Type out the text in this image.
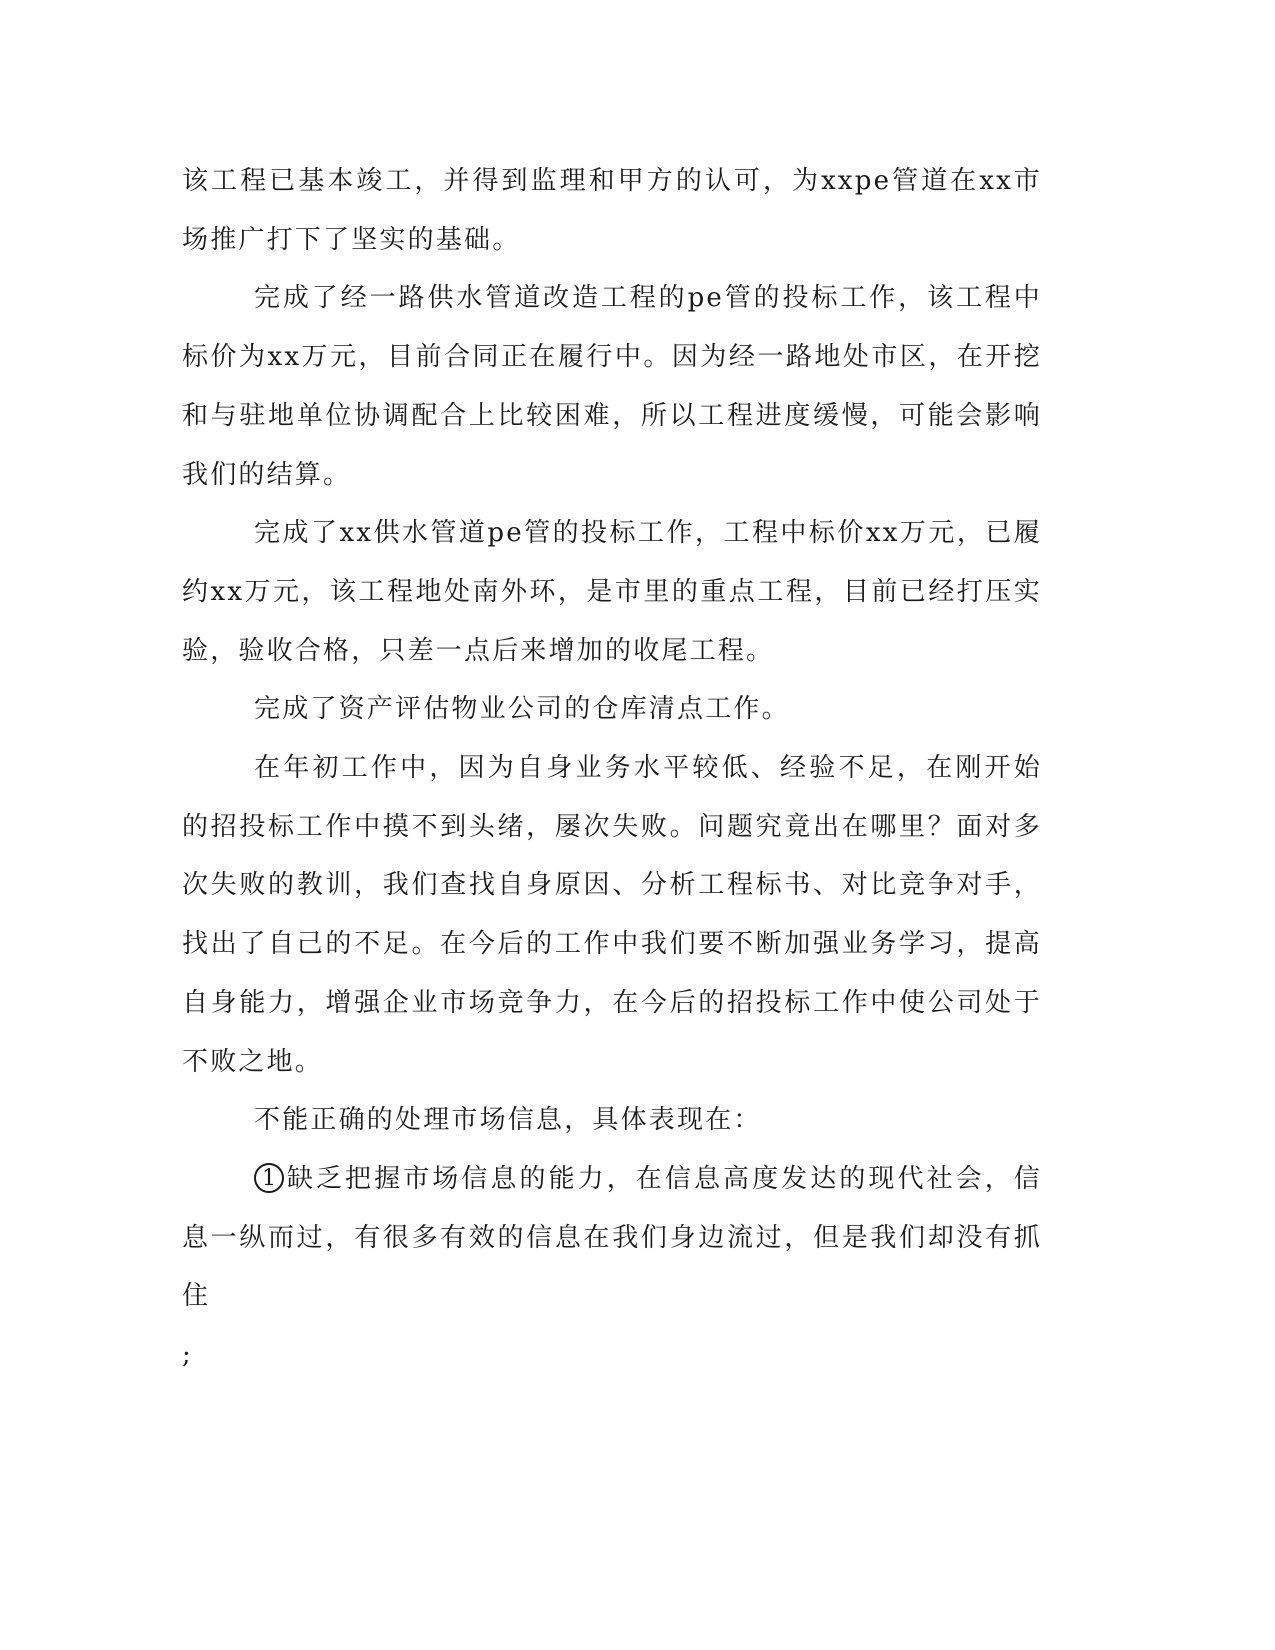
该工程已基本竣工，并得到监理和甲方的认可，为xxpe管道在xx市场推广打下了坚实的基础。

完成了经一路供水管道改造工程的pe管的投标工作，该工程中标价为xx万元，目前合同正在履行中。因为经一路地处市区，在开挖和与驻地单位协调配合上比较困难，所以工程进度缓慢，可能会影响我们的结算。

完成了xx供水管道pe管的投标工作，工程中标价xx万元，已履约xx万元，该工程地处南外环，是市里的重点工程，目前已经打压实验，验收合格，只差一点后来增加的收尾工程。

完成了资产评估物业公司的仓库清点工作。

在年初工作中，因为自身业务水平较低、经验不足，在刚开始的招投标工作中摸不到头绪，屡次失败。问题究竟出在哪里？面对多次失败的教训，我们查找自身原因、分析工程标书、对比竞争对手，找出了自己的不足。在今后的工作中我们要不断加强业务学习，提高自身能力，增强企业市场竞争力，在今后的招投标工作中使公司处于不败之地。

不能正确的处理市场信息，具体表现在：

1 缺乏把握市场信息的能力，在信息高度发达的现代社会，信息一纵而过，有很多有效的信息在我们身边流过，但是我们却没有抓住

;
